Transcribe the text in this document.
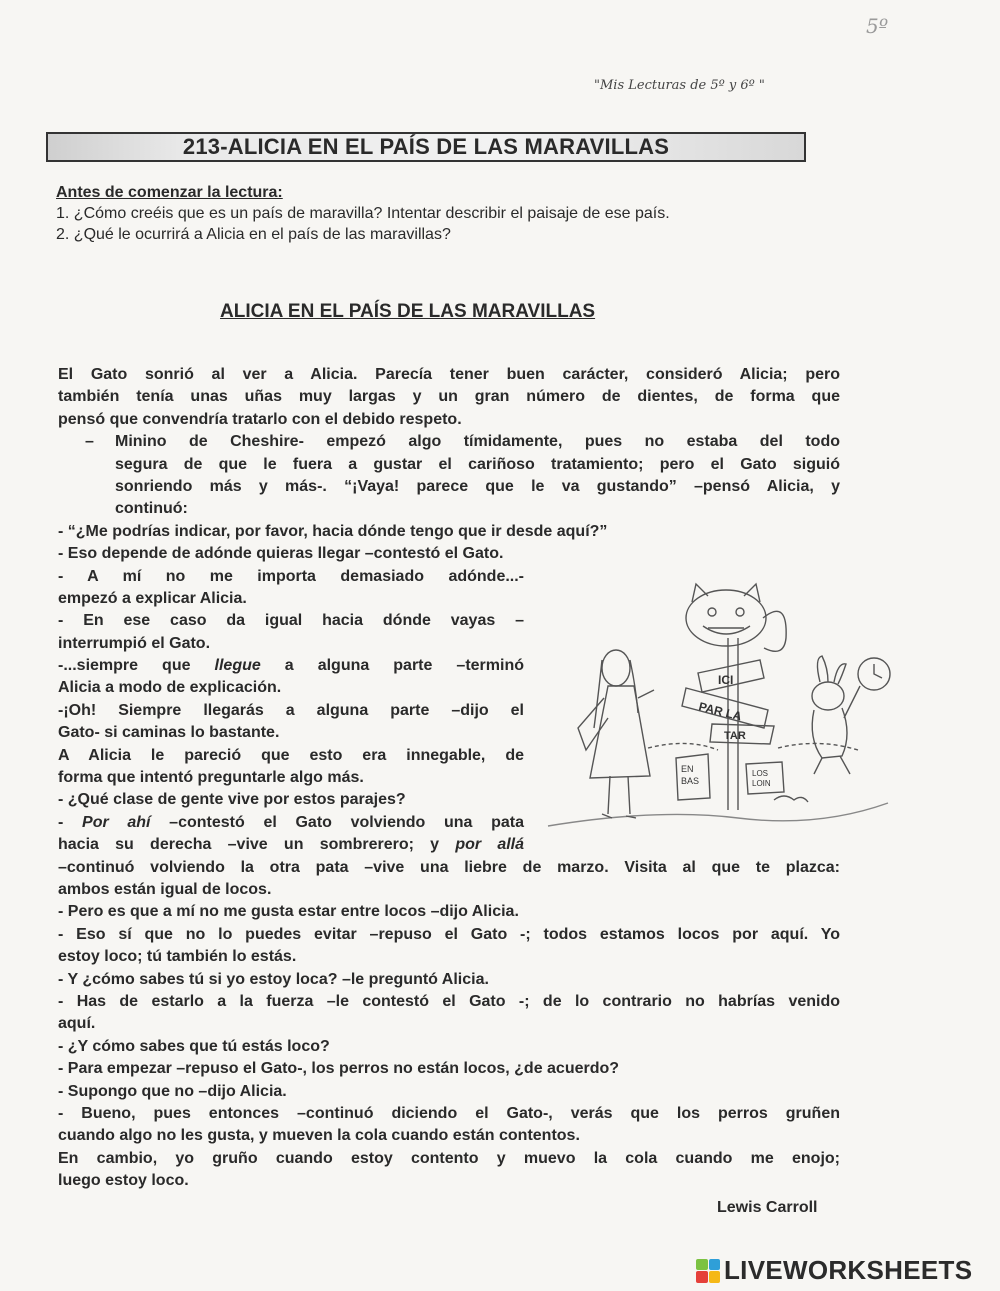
5º
"Mis Lecturas de 5º y 6º "
213-ALICIA EN EL PAÍS DE LAS MARAVILLAS
Antes de comenzar la lectura:
1. ¿Cómo creéis que es un país de maravilla? Intentar describir el paisaje de ese país.
2. ¿Qué le ocurrirá a Alicia en el país de las maravillas?
ALICIA EN EL PAÍS DE LAS MARAVILLAS
El Gato sonrió al ver a Alicia. Parecía tener buen carácter, consideró Alicia; pero
también tenía unas uñas muy largas y un gran número de dientes, de forma que
pensó que convendría tratarlo con el debido respeto.
–	Minino de Cheshire- empezó algo tímidamente, pues no estaba del todo
segura de que le fuera a gustar el cariñoso tratamiento; pero el Gato siguió
sonriendo más y más-. “¡Vaya! parece que le va gustando” –pensó Alicia, y
continuó:
- “¿Me podrías indicar, por favor, hacia dónde tengo que ir desde aquí?”
- Eso depende de adónde quieras llegar –contestó el Gato.
- A mí no me importa demasiado adónde...-
empezó a explicar Alicia.
- En ese caso da igual hacia dónde vayas –
interrumpió el Gato.
-...siempre que llegue a alguna parte –terminó
Alicia a modo de explicación.
-¡Oh! Siempre llegarás a alguna parte –dijo el
Gato- si caminas lo bastante.
A Alicia le pareció que esto era innegable, de
forma que intentó preguntarle algo más.
- ¿Qué clase de gente vive por estos parajes?
- Por ahí –contestó el Gato volviendo una pata
hacia su derecha –vive un sombrerero; y por allá
–continuó volviendo la otra pata –vive una liebre de marzo. Visita al que te plazca:
ambos están igual de locos.
- Pero es que a mí no me gusta estar entre locos –dijo Alicia.
- Eso sí que no lo puedes evitar –repuso el Gato -; todos estamos locos por aquí. Yo
estoy loco; tú también lo estás.
- Y ¿cómo sabes tú si yo estoy loca? –le preguntó Alicia.
- Has de estarlo a la fuerza –le contestó el Gato -; de lo contrario no habrías venido
aquí.
- ¿Y cómo sabes que tú estás loco?
- Para empezar –repuso el Gato-, los perros no están locos, ¿de acuerdo?
- Supongo que no –dijo Alicia.
- Bueno, pues entonces –continuó diciendo el Gato-, verás que los perros gruñen
cuando algo no les gusta, y mueven la cola cuando están contentos.
En cambio, yo gruño cuando estoy contento y muevo la cola cuando me enojo;
luego estoy loco.
Lewis Carroll
ICI
PAR LA
TAR
EN
BAS
LOS
LOIN
LIVEWORKSHEETS
